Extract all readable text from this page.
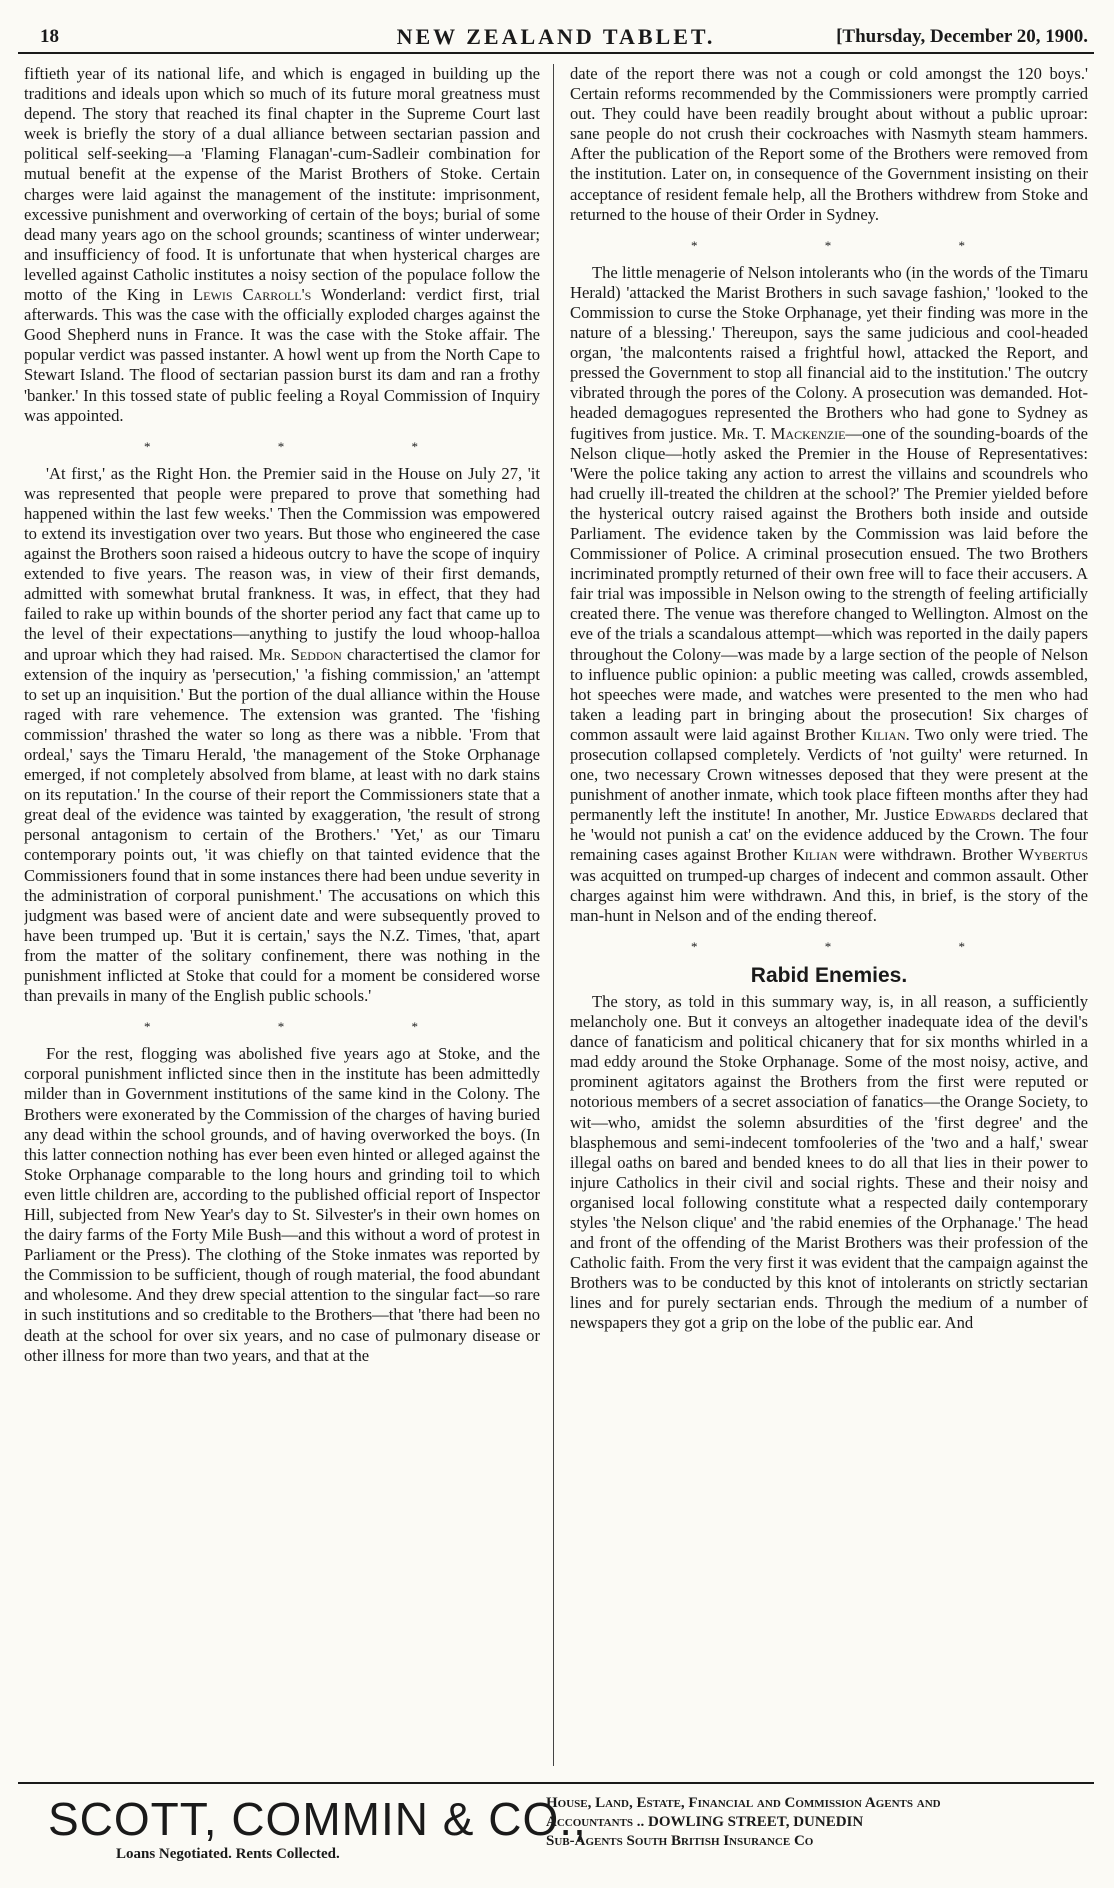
18	NEW ZEALAND TABLET.	[Thursday, December 20, 1900.

fiftieth year of its national life, and which is engaged in building up the traditions and ideals upon which so much of its future moral greatness must depend. The story that reached its final chapter in the Supreme Court last week is briefly the story of a dual alliance between sectarian passion and political self-seeking—a 'Flaming Flanagan'-cum-Sadleir combination for mutual benefit at the expense of the Marist Brothers of Stoke. Certain charges were laid against the management of the institute: imprisonment, excessive punishment and overworking of certain of the boys; burial of some dead many years ago on the school grounds; scantiness of winter underwear; and insufficiency of food. It is unfortunate that when hysterical charges are levelled against Catholic institutes a noisy section of the populace follow the motto of the King in Lewis Carroll's Wonderland: verdict first, trial afterwards. This was the case with the officially exploded charges against the Good Shepherd nuns in France. It was the case with the Stoke affair. The popular verdict was passed instanter. A howl went up from the North Cape to Stewart Island. The flood of sectarian passion burst its dam and ran a frothy 'banker.' In this tossed state of public feeling a Royal Commission of Inquiry was appointed.

* * *

'At first,' as the Right Hon. the Premier said in the House on July 27, 'it was represented that people were prepared to prove that something had happened within the last few weeks.' Then the Commission was empowered to extend its investigation over two years. But those who engineered the case against the Brothers soon raised a hideous outcry to have the scope of inquiry extended to five years. The reason was, in view of their first demands, admitted with somewhat brutal frankness. It was, in effect, that they had failed to rake up within bounds of the shorter period any fact that came up to the level of their expectations—anything to justify the loud whoop-halloa and uproar which they had raised. Mr. Seddon charactertised the clamor for extension of the inquiry as 'persecution,' 'a fishing commission,' an 'attempt to set up an inquisition.' But the portion of the dual alliance within the House raged with rare vehemence. The extension was granted. The 'fishing commission' thrashed the water so long as there was a nibble. 'From that ordeal,' says the Timaru Herald, 'the management of the Stoke Orphanage emerged, if not completely absolved from blame, at least with no dark stains on its reputation.' In the course of their report the Commissioners state that a great deal of the evidence was tainted by exaggeration, 'the result of strong personal antagonism to certain of the Brothers.' 'Yet,' as our Timaru contemporary points out, 'it was chiefly on that tainted evidence that the Commissioners found that in some instances there had been undue severity in the administration of corporal punishment.' The accusations on which this judgment was based were of ancient date and were subsequently proved to have been trumped up. 'But it is certain,' says the N.Z. Times, 'that, apart from the matter of the solitary confinement, there was nothing in the punishment inflicted at Stoke that could for a moment be considered worse than prevails in many of the English public schools.'

* * *

For the rest, flogging was abolished five years ago at Stoke, and the corporal punishment inflicted since then in the institute has been admittedly milder than in Government institutions of the same kind in the Colony. The Brothers were exonerated by the Commission of the charges of having buried any dead within the school grounds, and of having overworked the boys. (In this latter connection nothing has ever been even hinted or alleged against the Stoke Orphanage comparable to the long hours and grinding toil to which even little children are, according to the published official report of Inspector Hill, subjected from New Year's day to St. Silvester's in their own homes on the dairy farms of the Forty Mile Bush—and this without a word of protest in Parliament or the Press). The clothing of the Stoke inmates was reported by the Commission to be sufficient, though of rough material, the food abundant and wholesome. And they drew special attention to the singular fact—so rare in such institutions and so creditable to the Brothers—that 'there had been no death at the school for over six years, and no case of pulmonary disease or other illness for more than two years, and that at the

date of the report there was not a cough or cold amongst the 120 boys.' Certain reforms recommended by the Commissioners were promptly carried out. They could have been readily brought about without a public uproar: sane people do not crush their cockroaches with Nasmyth steam hammers. After the publication of the Report some of the Brothers were removed from the institution. Later on, in consequence of the Government insisting on their acceptance of resident female help, all the Brothers withdrew from Stoke and returned to the house of their Order in Sydney.

* * *

The little menagerie of Nelson intolerants who (in the words of the Timaru Herald) 'attacked the Marist Brothers in such savage fashion,' 'looked to the Commission to curse the Stoke Orphanage, yet their finding was more in the nature of a blessing.' Thereupon, says the same judicious and cool-headed organ, 'the malcontents raised a frightful howl, attacked the Report, and pressed the Government to stop all financial aid to the institution.' The outcry vibrated through the pores of the Colony. A prosecution was demanded. Hot-headed demagogues represented the Brothers who had gone to Sydney as fugitives from justice. Mr. T. Mackenzie—one of the sounding-boards of the Nelson clique—hotly asked the Premier in the House of Representatives: 'Were the police taking any action to arrest the villains and scoundrels who had cruelly ill-treated the children at the school?' The Premier yielded before the hysterical outcry raised against the Brothers both inside and outside Parliament. The evidence taken by the Commission was laid before the Commissioner of Police. A criminal prosecution ensued. The two Brothers incriminated promptly returned of their own free will to face their accusers. A fair trial was impossible in Nelson owing to the strength of feeling artificially created there. The venue was therefore changed to Wellington. Almost on the eve of the trials a scandalous attempt—which was reported in the daily papers throughout the Colony—was made by a large section of the people of Nelson to influence public opinion: a public meeting was called, crowds assembled, hot speeches were made, and watches were presented to the men who had taken a leading part in bringing about the prosecution! Six charges of common assault were laid against Brother Kilian. Two only were tried. The prosecution collapsed completely. Verdicts of 'not guilty' were returned. In one, two necessary Crown witnesses deposed that they were present at the punishment of another inmate, which took place fifteen months after they had permanently left the institute! In another, Mr. Justice Edwards declared that he 'would not punish a cat' on the evidence adduced by the Crown. The four remaining cases against Brother Kilian were withdrawn. Brother Wybertus was acquitted on trumped-up charges of indecent and common assault. Other charges against him were withdrawn. And this, in brief, is the story of the man-hunt in Nelson and of the ending thereof.

* * *
Rabid Enemies.

The story, as told in this summary way, is, in all reason, a sufficiently melancholy one. But it conveys an altogether inadequate idea of the devil's dance of fanaticism and political chicanery that for six months whirled in a mad eddy around the Stoke Orphanage. Some of the most noisy, active, and prominent agitators against the Brothers from the first were reputed or notorious members of a secret association of fanatics—the Orange Society, to wit—who, amidst the solemn absurdities of the 'first degree' and the blasphemous and semi-indecent tomfooleries of the 'two and a half,' swear illegal oaths on bared and bended knees to do all that lies in their power to injure Catholics in their civil and social rights. These and their noisy and organised local following constitute what a respected daily contemporary styles 'the Nelson clique' and 'the rabid enemies of the Orphanage.' The head and front of the offending of the Marist Brothers was their profession of the Catholic faith. From the very first it was evident that the campaign against the Brothers was to be conducted by this knot of intolerants on strictly sectarian lines and for purely sectarian ends. Through the medium of a number of newspapers they got a grip on the lobe of the public ear. And

SCOTT, COMMIN & CO.,
Loans Negotiated. Rents Collected.
House, Land, Estate, Financial and Commission Agents and
Accountants .. DOWLING STREET, DUNEDIN
Sub-Agents South British Insurance Co
